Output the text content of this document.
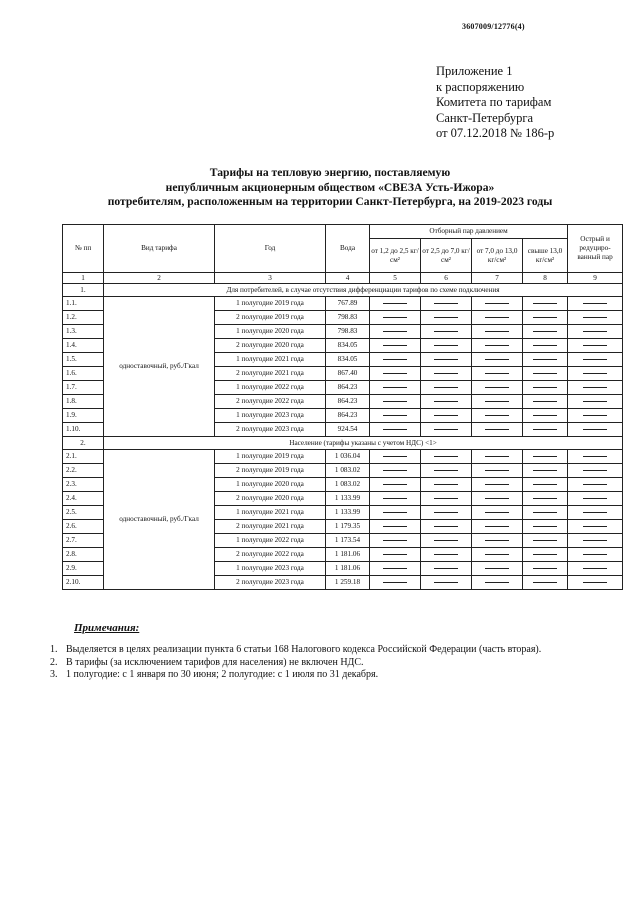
3607009/12776(4)
Приложение 1
к распоряжению
Комитета по тарифам
Санкт-Петербурга
от 07.12.2018 № 186-р
Тарифы на тепловую энергию, поставляемую
непубличным акционерным обществом «СВЕЗА Усть-Ижора»
потребителям, расположенным на территории Санкт-Петербурга, на 2019-2023 годы
№ пп	Вид тарифа	Год	Вода	Отборный пар давлением				Острый и редуциро-ванный пар
				от 1,2 до 2,5 кг/см²	от 2,5 до 7,0 кг/см²	от 7,0 до 13,0 кг/см²	свыше 13,0 кг/см²	
1	2	3	4	5	6	7	8	9
1.	Для потребителей, в случае отсутствия дифференциации тарифов по схеме подключения							
1.1.	одноставочный, руб./Гкал	1 полугодие 2019 года	767.89					
1.2.		2 полугодие 2019 года	798.83					
1.3.		1 полугодие 2020 года	798.83					
1.4.		2 полугодие 2020 года	834.05					
1.5.		1 полугодие 2021 года	834.05					
1.6.		2 полугодие 2021 года	867.40					
1.7.		1 полугодие 2022 года	864.23					
1.8.		2 полугодие 2022 года	864.23					
1.9.		1 полугодие 2023 года	864.23					
1.10.		2 полугодие 2023 года	924.54					
2.	Население (тарифы указаны с учетом НДС) <1>							
2.1.	одноставочный, руб./Гкал	1 полугодие 2019 года	1 036.04					
2.2.		2 полугодие 2019 года	1 083.02					
2.3.		1 полугодие 2020 года	1 083.02					
2.4.		2 полугодие 2020 года	1 133.99					
2.5.		1 полугодие 2021 года	1 133.99					
2.6.		2 полугодие 2021 года	1 179.35					
2.7.		1 полугодие 2022 года	1 173.54					
2.8.		2 полугодие 2022 года	1 181.06					
2.9.		1 полугодие 2023 года	1 181.06					
2.10.		2 полугодие 2023 года	1 259.18					
Примечания:
1. Выделяется в целях реализации пункта 6 статьи 168 Налогового кодекса Российской Федерации (часть вторая).
2. В тарифы (за исключением тарифов для населения) не включен НДС.
3. 1 полугодие: с 1 января по 30 июня; 2 полугодие: с 1 июля по 31 декабря.
